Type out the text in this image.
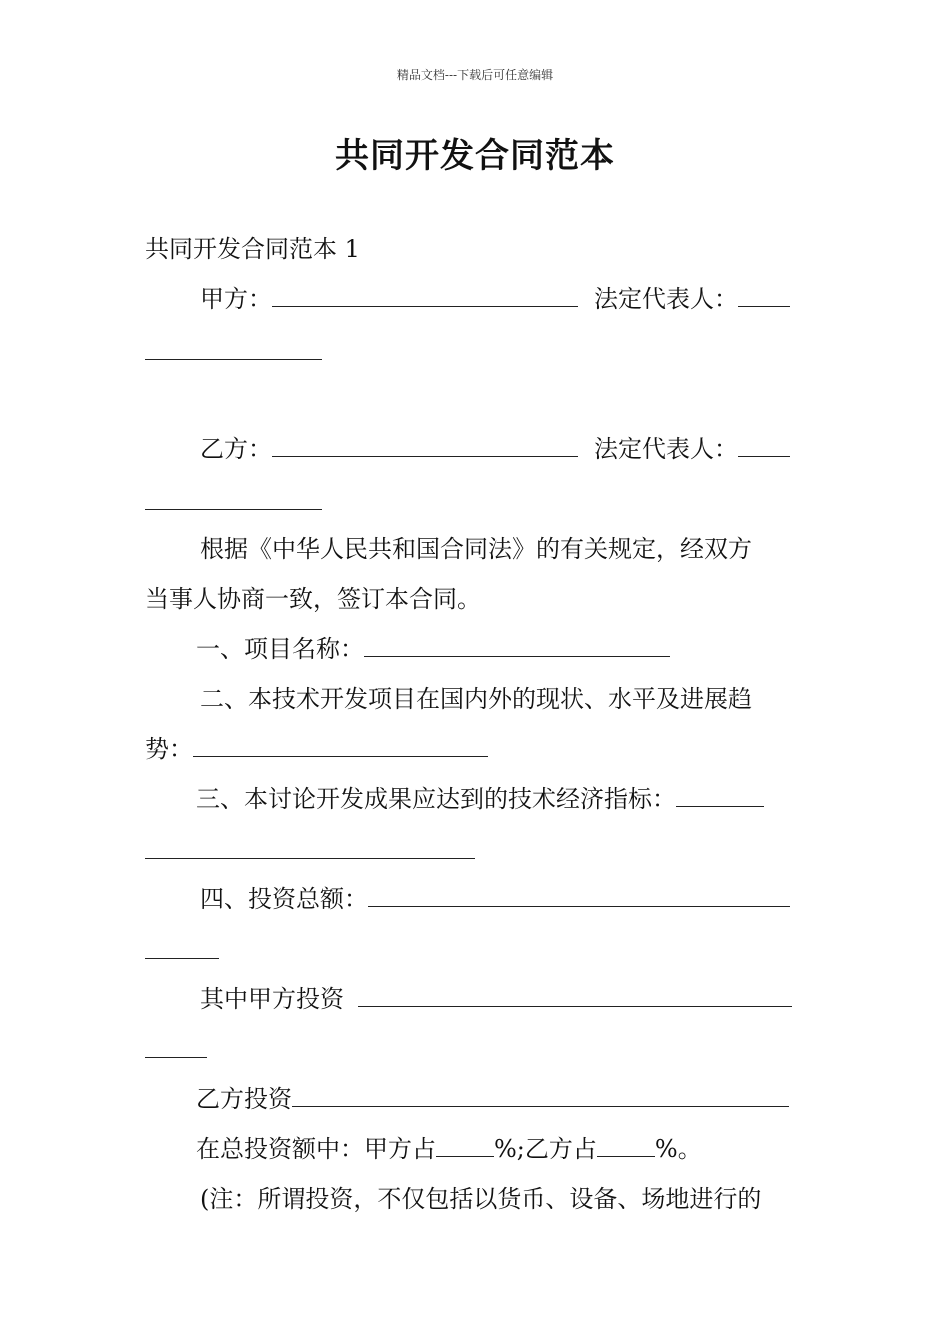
精品文档---下载后可任意编辑
共同开发合同范本
共同开发合同范本 1
甲方：	法定代表人：
乙方：	法定代表人：
根据《中华人民共和国合同法》的有关规定，经双方
当事人协商一致，签订本合同。
一、项目名称：
二、本技术开发项目在国内外的现状、水平及进展趋
势：
三、本讨论开发成果应达到的技术经济指标：
四、投资总额：
其中甲方投资
乙方投资
在总投资额中：甲方占 %;乙方占 %。
(注：所谓投资，不仅包括以货币、设备、场地进行的
